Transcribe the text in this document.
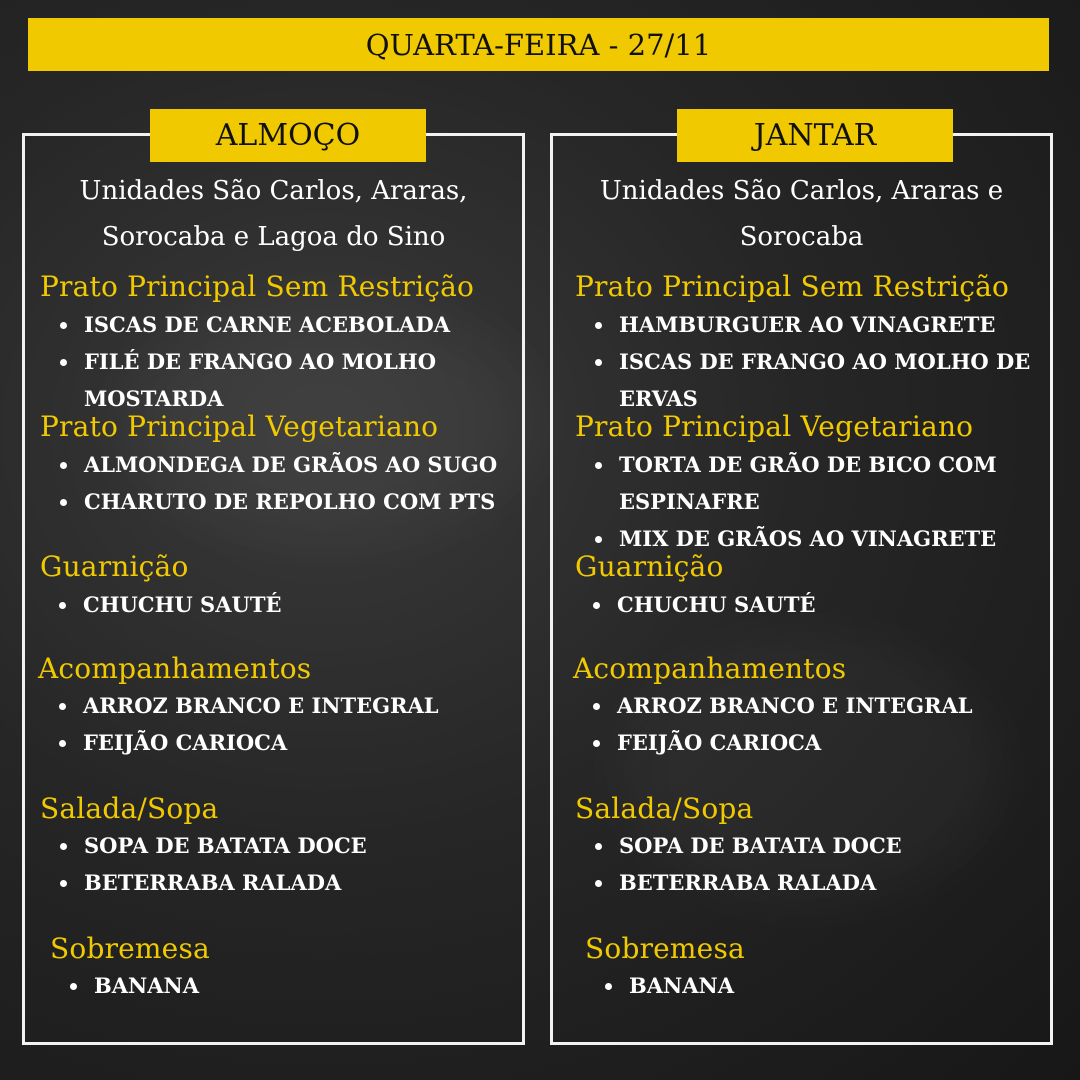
QUARTA-FEIRA - 27/11
ALMOÇO
Unidades São Carlos, Araras,
Sorocaba e Lagoa do Sino
Prato Principal Sem Restrição
ISCAS DE CARNE ACEBOLADA
FILÉ DE FRANGO AO MOLHO
MOSTARDA
Prato Principal Vegetariano
ALMONDEGA DE GRÃOS AO SUGO
CHARUTO DE REPOLHO COM PTS
Guarnição
CHUCHU SAUTÉ
Acompanhamentos
ARROZ BRANCO E INTEGRAL
FEIJÃO CARIOCA
Salada/Sopa
SOPA DE BATATA DOCE
BETERRABA RALADA
Sobremesa
BANANA
JANTAR
Unidades São Carlos, Araras e
Sorocaba
Prato Principal Sem Restrição
HAMBURGUER AO VINAGRETE
ISCAS DE FRANGO AO MOLHO DE
ERVAS
Prato Principal Vegetariano
TORTA DE GRÃO DE BICO COM
ESPINAFRE
MIX DE GRÃOS AO VINAGRETE
Guarnição
CHUCHU SAUTÉ
Acompanhamentos
ARROZ BRANCO E INTEGRAL
FEIJÃO CARIOCA
Salada/Sopa
SOPA DE BATATA DOCE
BETERRABA RALADA
Sobremesa
BANANA
